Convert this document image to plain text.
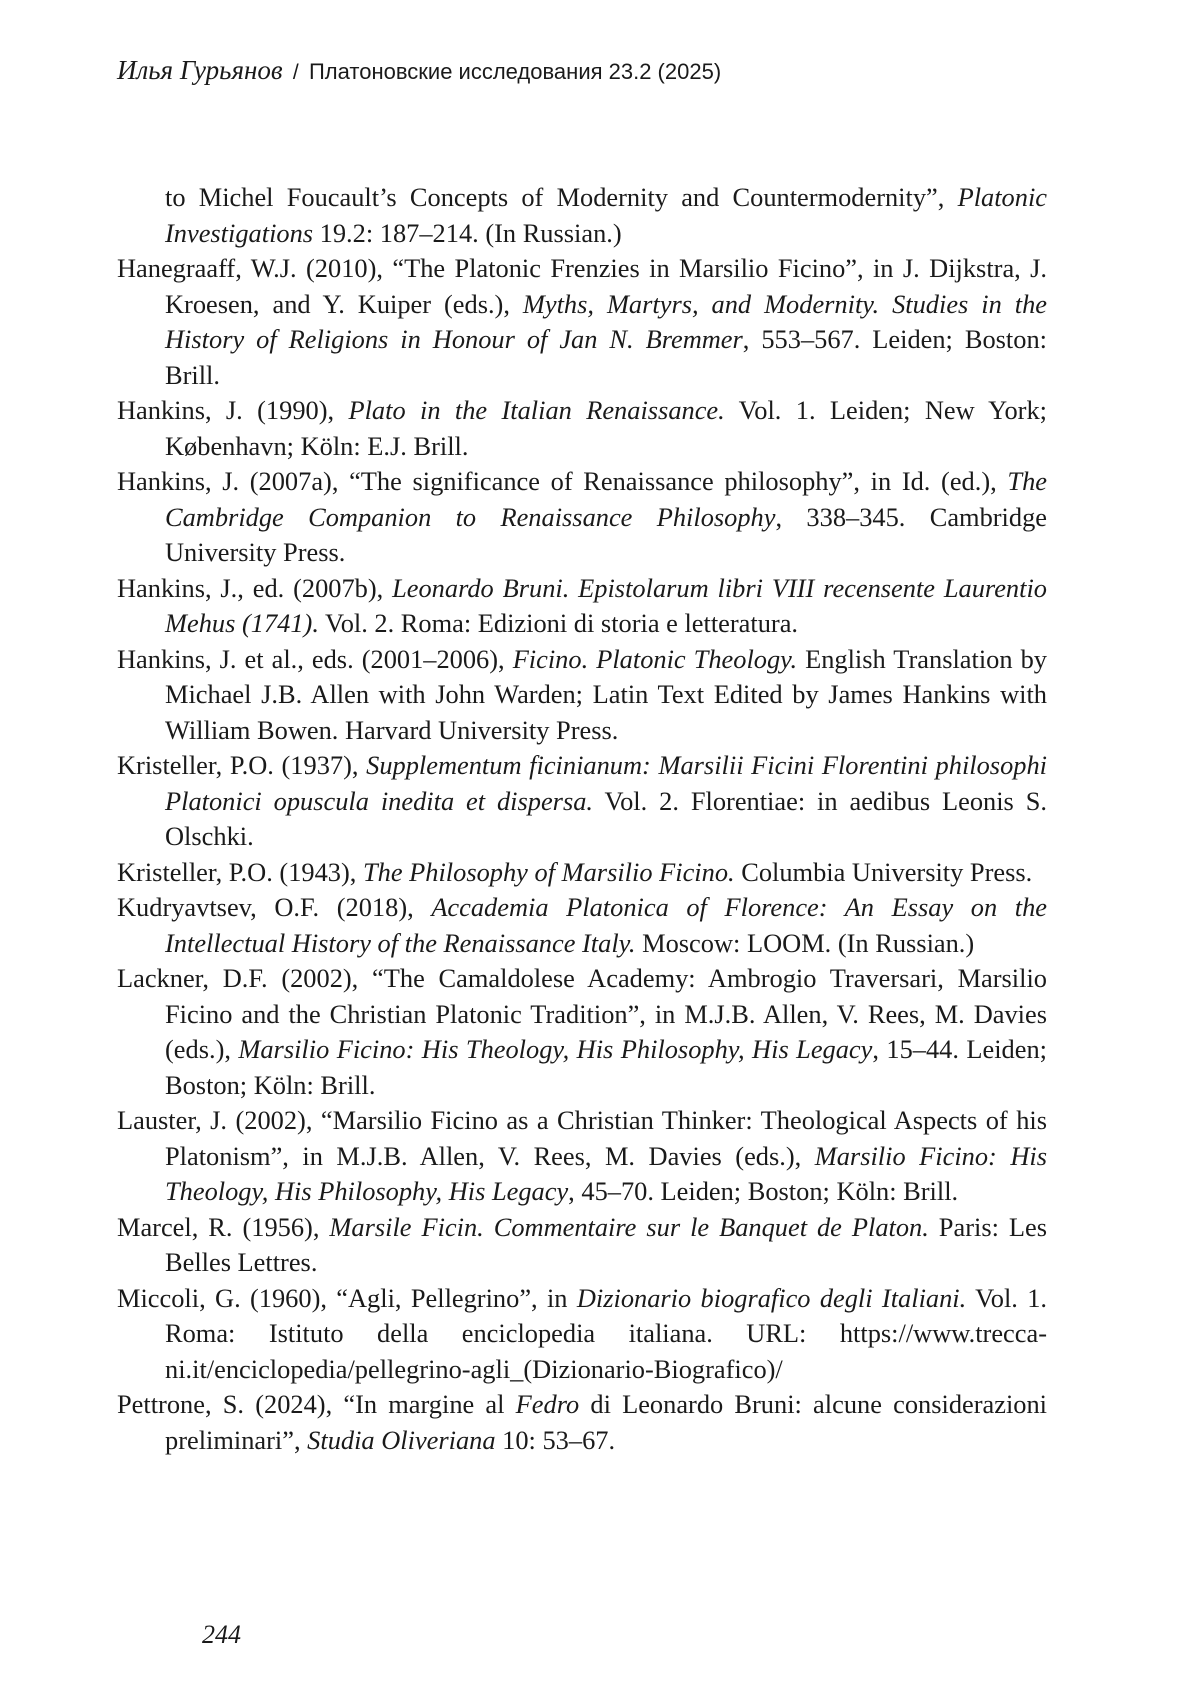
Илья Гурьянов / Платоновские исследования 23.2 (2025)

to Michel Foucault’s Concepts of Modernity and Countermodernity”, Platonic Investigations 19.2: 187–214. (In Russian.)

Hanegraaff, W.J. (2010), “The Platonic Frenzies in Marsilio Ficino”, in J. Dijkstra, J. Kroesen, and Y. Kuiper (eds.), Myths, Martyrs, and Modernity. Studies in the History of Religions in Honour of Jan N. Bremmer, 553–567. Leiden; Boston: Brill.

Hankins, J. (1990), Plato in the Italian Renaissance. Vol. 1. Leiden; New York; København; Köln: E.J. Brill.

Hankins, J. (2007a), “The significance of Renaissance philosophy”, in Id. (ed.), The Cambridge Companion to Renaissance Philosophy, 338–345. Cambridge University Press.

Hankins, J., ed. (2007b), Leonardo Bruni. Epistolarum libri VIII recensente Laurentio Mehus (1741). Vol. 2. Roma: Edizioni di storia e letteratura.

Hankins, J. et al., eds. (2001–2006), Ficino. Platonic Theology. English Translation by Michael J.B. Allen with John Warden; Latin Text Edited by James Hankins with William Bowen. Harvard University Press.

Kristeller, P.O. (1937), Supplementum ficinianum: Marsilii Ficini Florentini philosophi Platonici opuscula inedita et dispersa. Vol. 2. Florentiae: in aedibus Leonis S. Olschki.

Kristeller, P.O. (1943), The Philosophy of Marsilio Ficino. Columbia University Press.

Kudryavtsev, O.F. (2018), Accademia Platonica of Florence: An Essay on the Intellectual History of the Renaissance Italy. Moscow: LOOM. (In Russian.)

Lackner, D.F. (2002), “The Camaldolese Academy: Ambrogio Traversari, Marsilio Ficino and the Christian Platonic Tradition”, in M.J.B. Allen, V. Rees, M. Davies (eds.), Marsilio Ficino: His Theology, His Philosophy, His Legacy, 15–44. Leiden; Boston; Köln: Brill.

Lauster, J. (2002), “Marsilio Ficino as a Christian Thinker: Theological Aspects of his Platonism”, in M.J.B. Allen, V. Rees, M. Davies (eds.), Marsilio Ficino: His Theology, His Philosophy, His Legacy, 45–70. Leiden; Boston; Köln: Brill.

Marcel, R. (1956), Marsile Ficin. Commentaire sur le Banquet de Platon. Paris: Les Belles Lettres.

Miccoli, G. (1960), “Agli, Pellegrino”, in Dizionario biografico degli Italiani. Vol. 1. Roma: Istituto della enciclopedia italiana. URL: https://www.treccani.it/enciclopedia/pellegrino-agli_(Dizionario-Biografico)/

Pettrone, S. (2024), “In margine al Fedro di Leonardo Bruni: alcune considerazioni preliminari”, Studia Oliveriana 10: 53–67.

244
